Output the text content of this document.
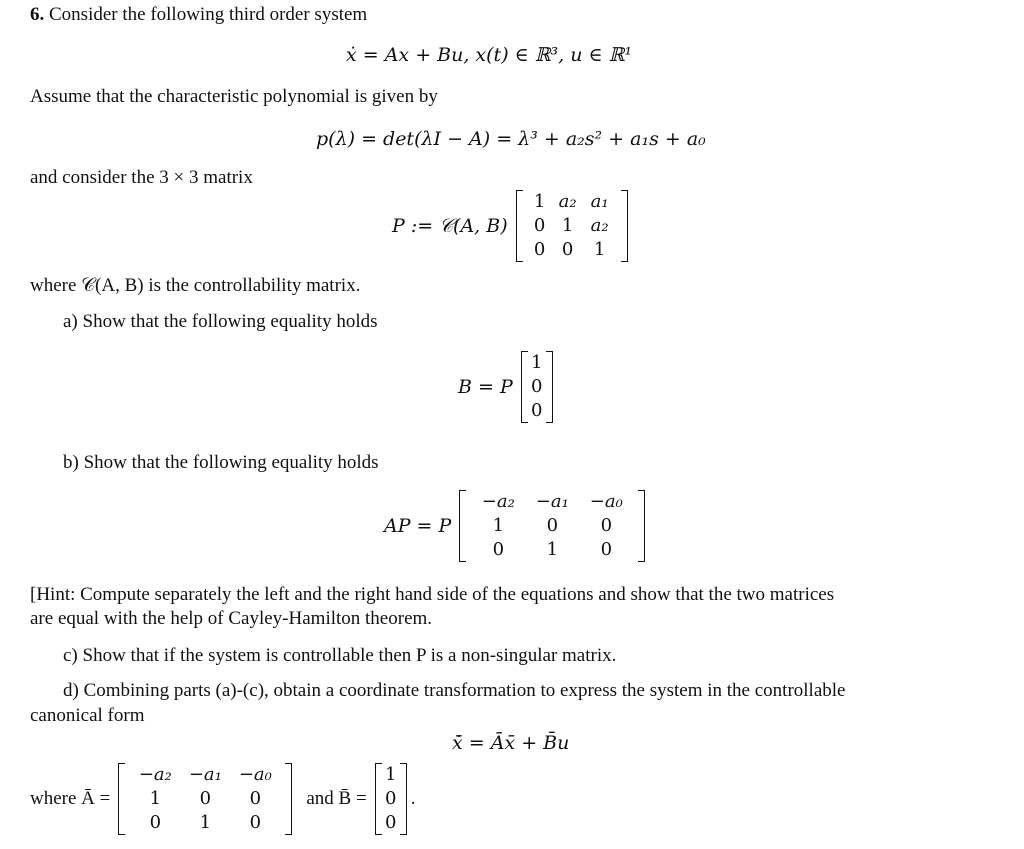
6. Consider the following third order system
ẋ = Ax + Bu, x(t) ∈ ℝ³, u ∈ ℝ¹
Assume that the characteristic polynomial is given by
p(λ) = det(λI − A) = λ³ + a₂s² + a₁s + a₀
and consider the 3 × 3 matrix
P := 𝒞(A, B)
1 a₂ a₁
0 1 a₂
0 0	1
where 𝒞(A, B) is the controllability matrix.
a) Show that the following equality holds
B = P
1
0
0
b) Show that the following equality holds
AP = P
−a₂	−a₁	−a₀
1	0	0
0	1	0
[Hint: Compute separately the left and the right hand side of the equations and show that the two matrices
are equal with the help of Cayley-Hamilton theorem.
c) Show that if the system is controllable then P is a non-singular matrix.
d) Combining parts (a)-(c), obtain a coordinate transformation to express the system in the controllable
canonical form
x̄̇ = Āx̄ + B̄u
where Ā =
−a₂ −a₁ −a₀
1	0	0
0	1	0
and B̄ =
1
0
0
.
